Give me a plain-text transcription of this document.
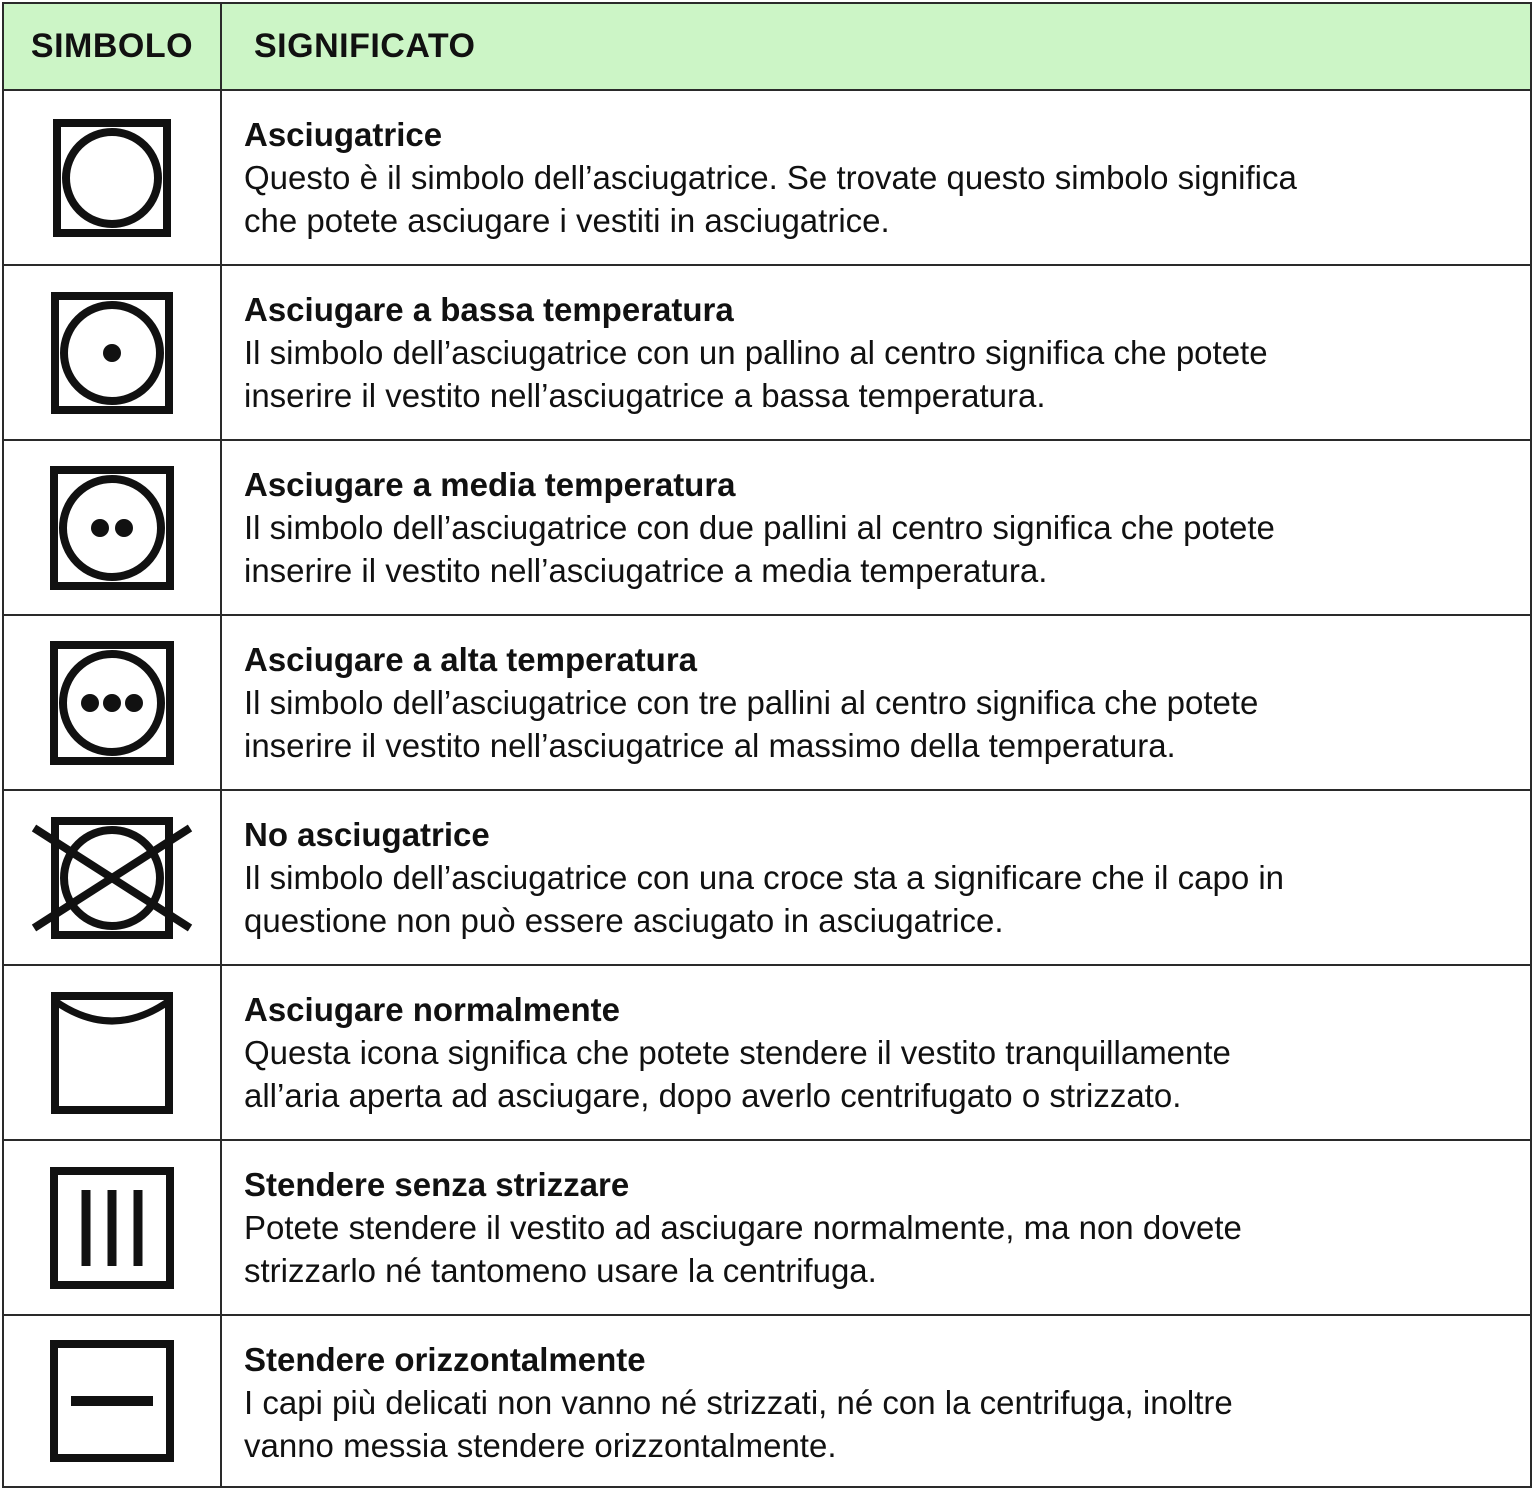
SIMBOLO	SIGNIFICATO
Asciugatrice
Questo è il simbolo dell’asciugatrice. Se trovate questo simbolo significa
che potete asciugare i vestiti in asciugatrice.
Asciugare a bassa temperatura
Il simbolo dell’asciugatrice con un pallino al centro significa che potete
inserire il vestito nell’asciugatrice a bassa temperatura.
Asciugare a media temperatura
Il simbolo dell’asciugatrice con due pallini al centro significa che potete
inserire il vestito nell’asciugatrice a media temperatura.
Asciugare a alta temperatura
Il simbolo dell’asciugatrice con tre pallini al centro significa che potete
inserire il vestito nell’asciugatrice al massimo della temperatura.
No asciugatrice
Il simbolo dell’asciugatrice con una croce sta a significare che il capo in
questione non può essere asciugato in asciugatrice.
Asciugare normalmente
Questa icona significa che potete stendere il vestito tranquillamente
all’aria aperta ad asciugare, dopo averlo centrifugato o strizzato.
Stendere senza strizzare
Potete stendere il vestito ad asciugare normalmente, ma non dovete
strizzarlo né tantomeno usare la centrifuga.
Stendere orizzontalmente
I capi più delicati non vanno né strizzati, né con la centrifuga, inoltre
vanno messia stendere orizzontalmente.
